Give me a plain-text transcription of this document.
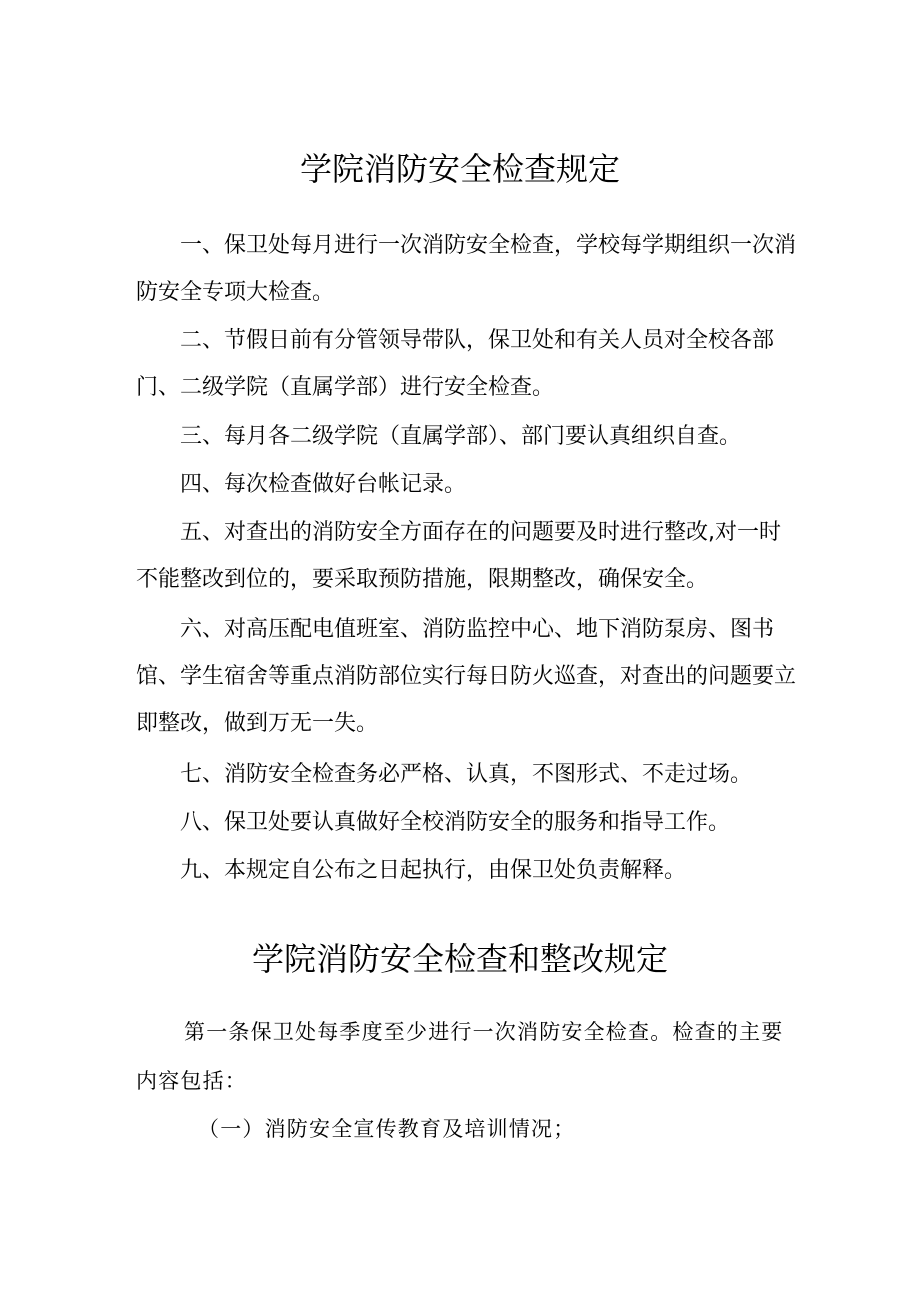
学院消防安全检查规定

一、保卫处每月进行一次消防安全检查，学校每学期组织一次消防安全专项大检查。

二、节假日前有分管领导带队，保卫处和有关人员对全校各部门、二级学院（直属学部）进行安全检查。

三、每月各二级学院（直属学部）、部门要认真组织自查。

四、每次检查做好台帐记录。

五、对查出的消防安全方面存在的问题要及时进行整改,对一时不能整改到位的，要采取预防措施，限期整改，确保安全。

六、对高压配电值班室、消防监控中心、地下消防泵房、图书馆、学生宿舍等重点消防部位实行每日防火巡查，对查出的问题要立即整改，做到万无一失。

七、消防安全检查务必严格、认真，不图形式、不走过场。

八、保卫处要认真做好全校消防安全的服务和指导工作。

九、本规定自公布之日起执行，由保卫处负责解释。

学院消防安全检查和整改规定

第一条保卫处每季度至少进行一次消防安全检查。检查的主要内容包括：

（一）消防安全宣传教育及培训情况；
